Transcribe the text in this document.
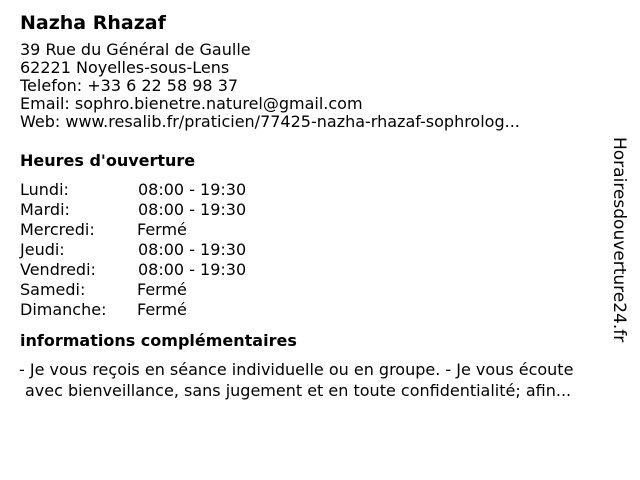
Nazha Rhazaf
39 Rue du Général de Gaulle
62221 Noyelles-sous-Lens
Telefon: +33 6 22 58 98 37
Email: sophro.bienetre.naturel@gmail.com
Web: www.resalib.fr/praticien/77425-nazha-rhazaf-sophrolog...
Heures d'ouverture
Lundi:	08:00 - 19:30
Mardi:	08:00 - 19:30
Mercredi:	Fermé
Jeudi:	08:00 - 19:30
Vendredi:	08:00 - 19:30
Samedi:	Fermé
Dimanche:	Fermé
informations complémentaires
- Je vous reçois en séance individuelle ou en groupe. - Je vous écoute
avec bienveillance, sans jugement et en toute confidentialité; afin...
Horairesdouverture24.fr
